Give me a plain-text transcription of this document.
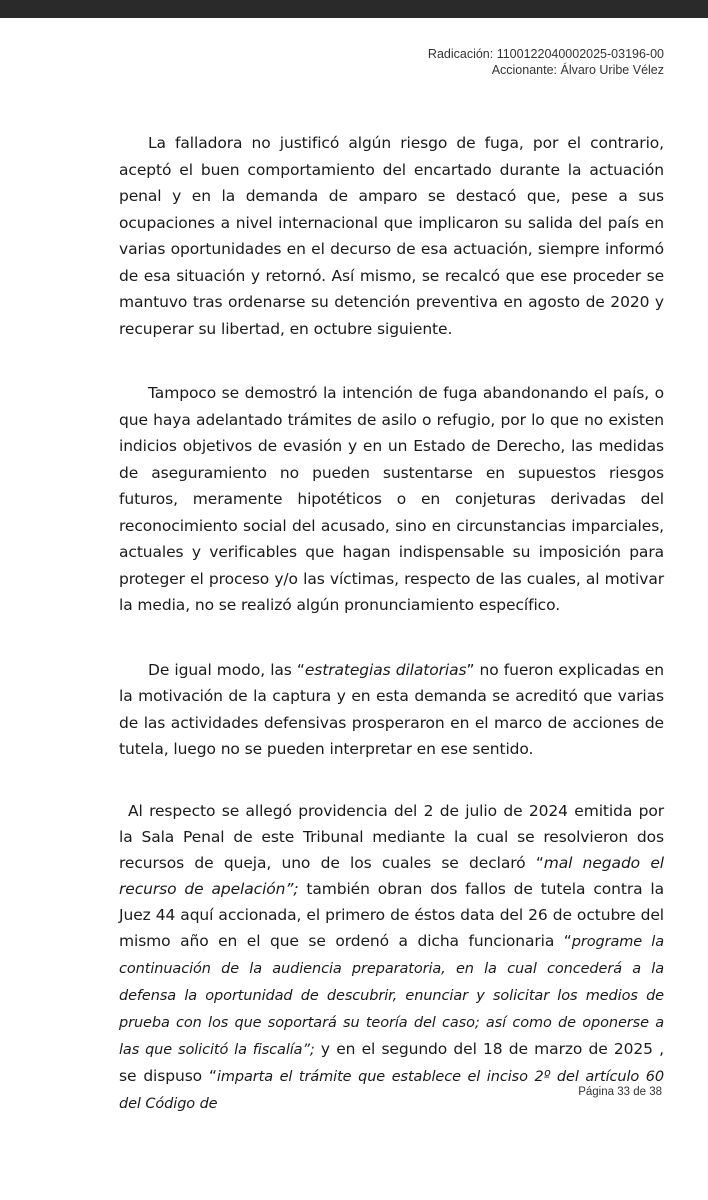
Radicación: 1100122040002025-03196-00
Accionante: Álvaro Uribe Vélez

La falladora no justificó algún riesgo de fuga, por el contrario, aceptó el buen comportamiento del encartado durante la actuación penal y en la demanda de amparo se destacó que, pese a sus ocupaciones a nivel internacional que implicaron su salida del país en varias oportunidades en el decurso de esa actuación, siempre informó de esa situación y retornó. Así mismo, se recalcó que ese proceder se mantuvo tras ordenarse su detención preventiva en agosto de 2020 y recuperar su libertad, en octubre siguiente.

Tampoco se demostró la intención de fuga abandonando el país, o que haya adelantado trámites de asilo o refugio, por lo que no existen indicios objetivos de evasión y en un Estado de Derecho, las medidas de aseguramiento no pueden sustentarse en supuestos riesgos futuros, meramente hipotéticos o en conjeturas derivadas del reconocimiento social del acusado, sino en circunstancias imparciales, actuales y verificables que hagan indispensable su imposición para proteger el proceso y/o las víctimas, respecto de las cuales, al motivar la media, no se realizó algún pronunciamiento específico.

De igual modo, las “estrategias dilatorias” no fueron explicadas en la motivación de la captura y en esta demanda se acreditó que varias de las actividades defensivas prosperaron en el marco de acciones de tutela, luego no se pueden interpretar en ese sentido.

Al respecto se allegó providencia del 2 de julio de 2024 emitida por la Sala Penal de este Tribunal mediante la cual se resolvieron dos recursos de queja, uno de los cuales se declaró “mal negado el recurso de apelación”; también obran dos fallos de tutela contra la Juez 44 aquí accionada, el primero de éstos data del 26 de octubre del mismo año en el que se ordenó a dicha funcionaria “programe la continuación de la audiencia preparatoria, en la cual concederá a la defensa la oportunidad de descubrir, enunciar y solicitar los medios de prueba con los que soportará su teoría del caso; así como de oponerse a las que solicitó la fiscalía”; y en el segundo del 18 de marzo de 2025 , se dispuso “imparta el trámite que establece el inciso 2º del artículo 60 del Código de

Página 33 de 38
